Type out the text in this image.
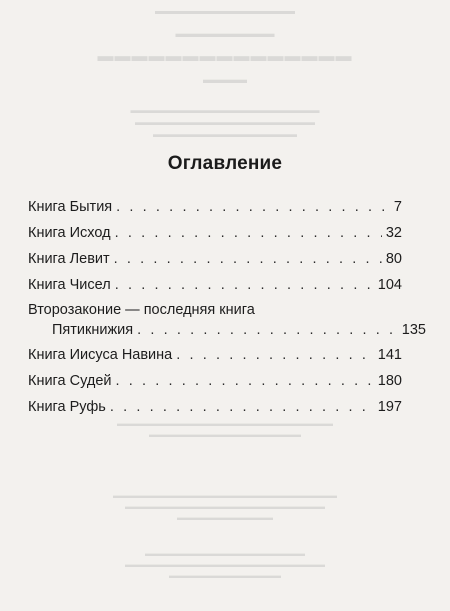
▬▬▬▬▬▬▬▬▬▬▬▬▬▬
▬▬▬▬▬▬▬▬▬
▬▬▬▬▬▬▬▬▬▬▬▬▬▬▬
▬▬▬▬
▬▬▬▬▬▬▬▬▬▬▬▬▬▬▬▬▬▬▬▬▬
▬▬▬▬▬▬▬▬▬▬▬▬▬▬▬▬▬▬▬▬
▬▬▬▬▬▬▬▬▬▬▬▬▬▬▬▬
▬▬▬▬▬▬▬▬▬▬▬▬▬▬▬▬▬▬▬▬▬▬▬▬▬▬▬
▬▬▬▬▬▬▬▬▬▬▬▬▬▬▬▬▬▬▬
▬▬▬▬▬▬▬▬▬▬▬▬▬▬▬▬▬▬▬▬▬▬▬▬▬▬▬▬
▬▬▬▬▬▬▬▬▬▬▬▬▬▬▬▬▬▬▬▬▬▬▬▬▬
▬▬▬▬▬▬▬▬▬▬▬▬
▬▬▬▬▬▬▬▬▬▬▬▬▬▬▬▬▬▬▬▬
▬▬▬▬▬▬▬▬▬▬▬▬▬▬▬▬▬▬▬▬▬▬▬▬▬
▬▬▬▬▬▬▬▬▬▬▬▬▬▬
Оглавление
Книга Бытия . . .	7
Книга Исход . . .	32
Книга Левит . . .	80
Книга Чисел . . .	104
Второзаконие — последняя книга
Пятикнижия . . .	135
Книга Иисуса Навина . . .	141
Книга Судей . . .	180
Книга Руфь . . .	197
